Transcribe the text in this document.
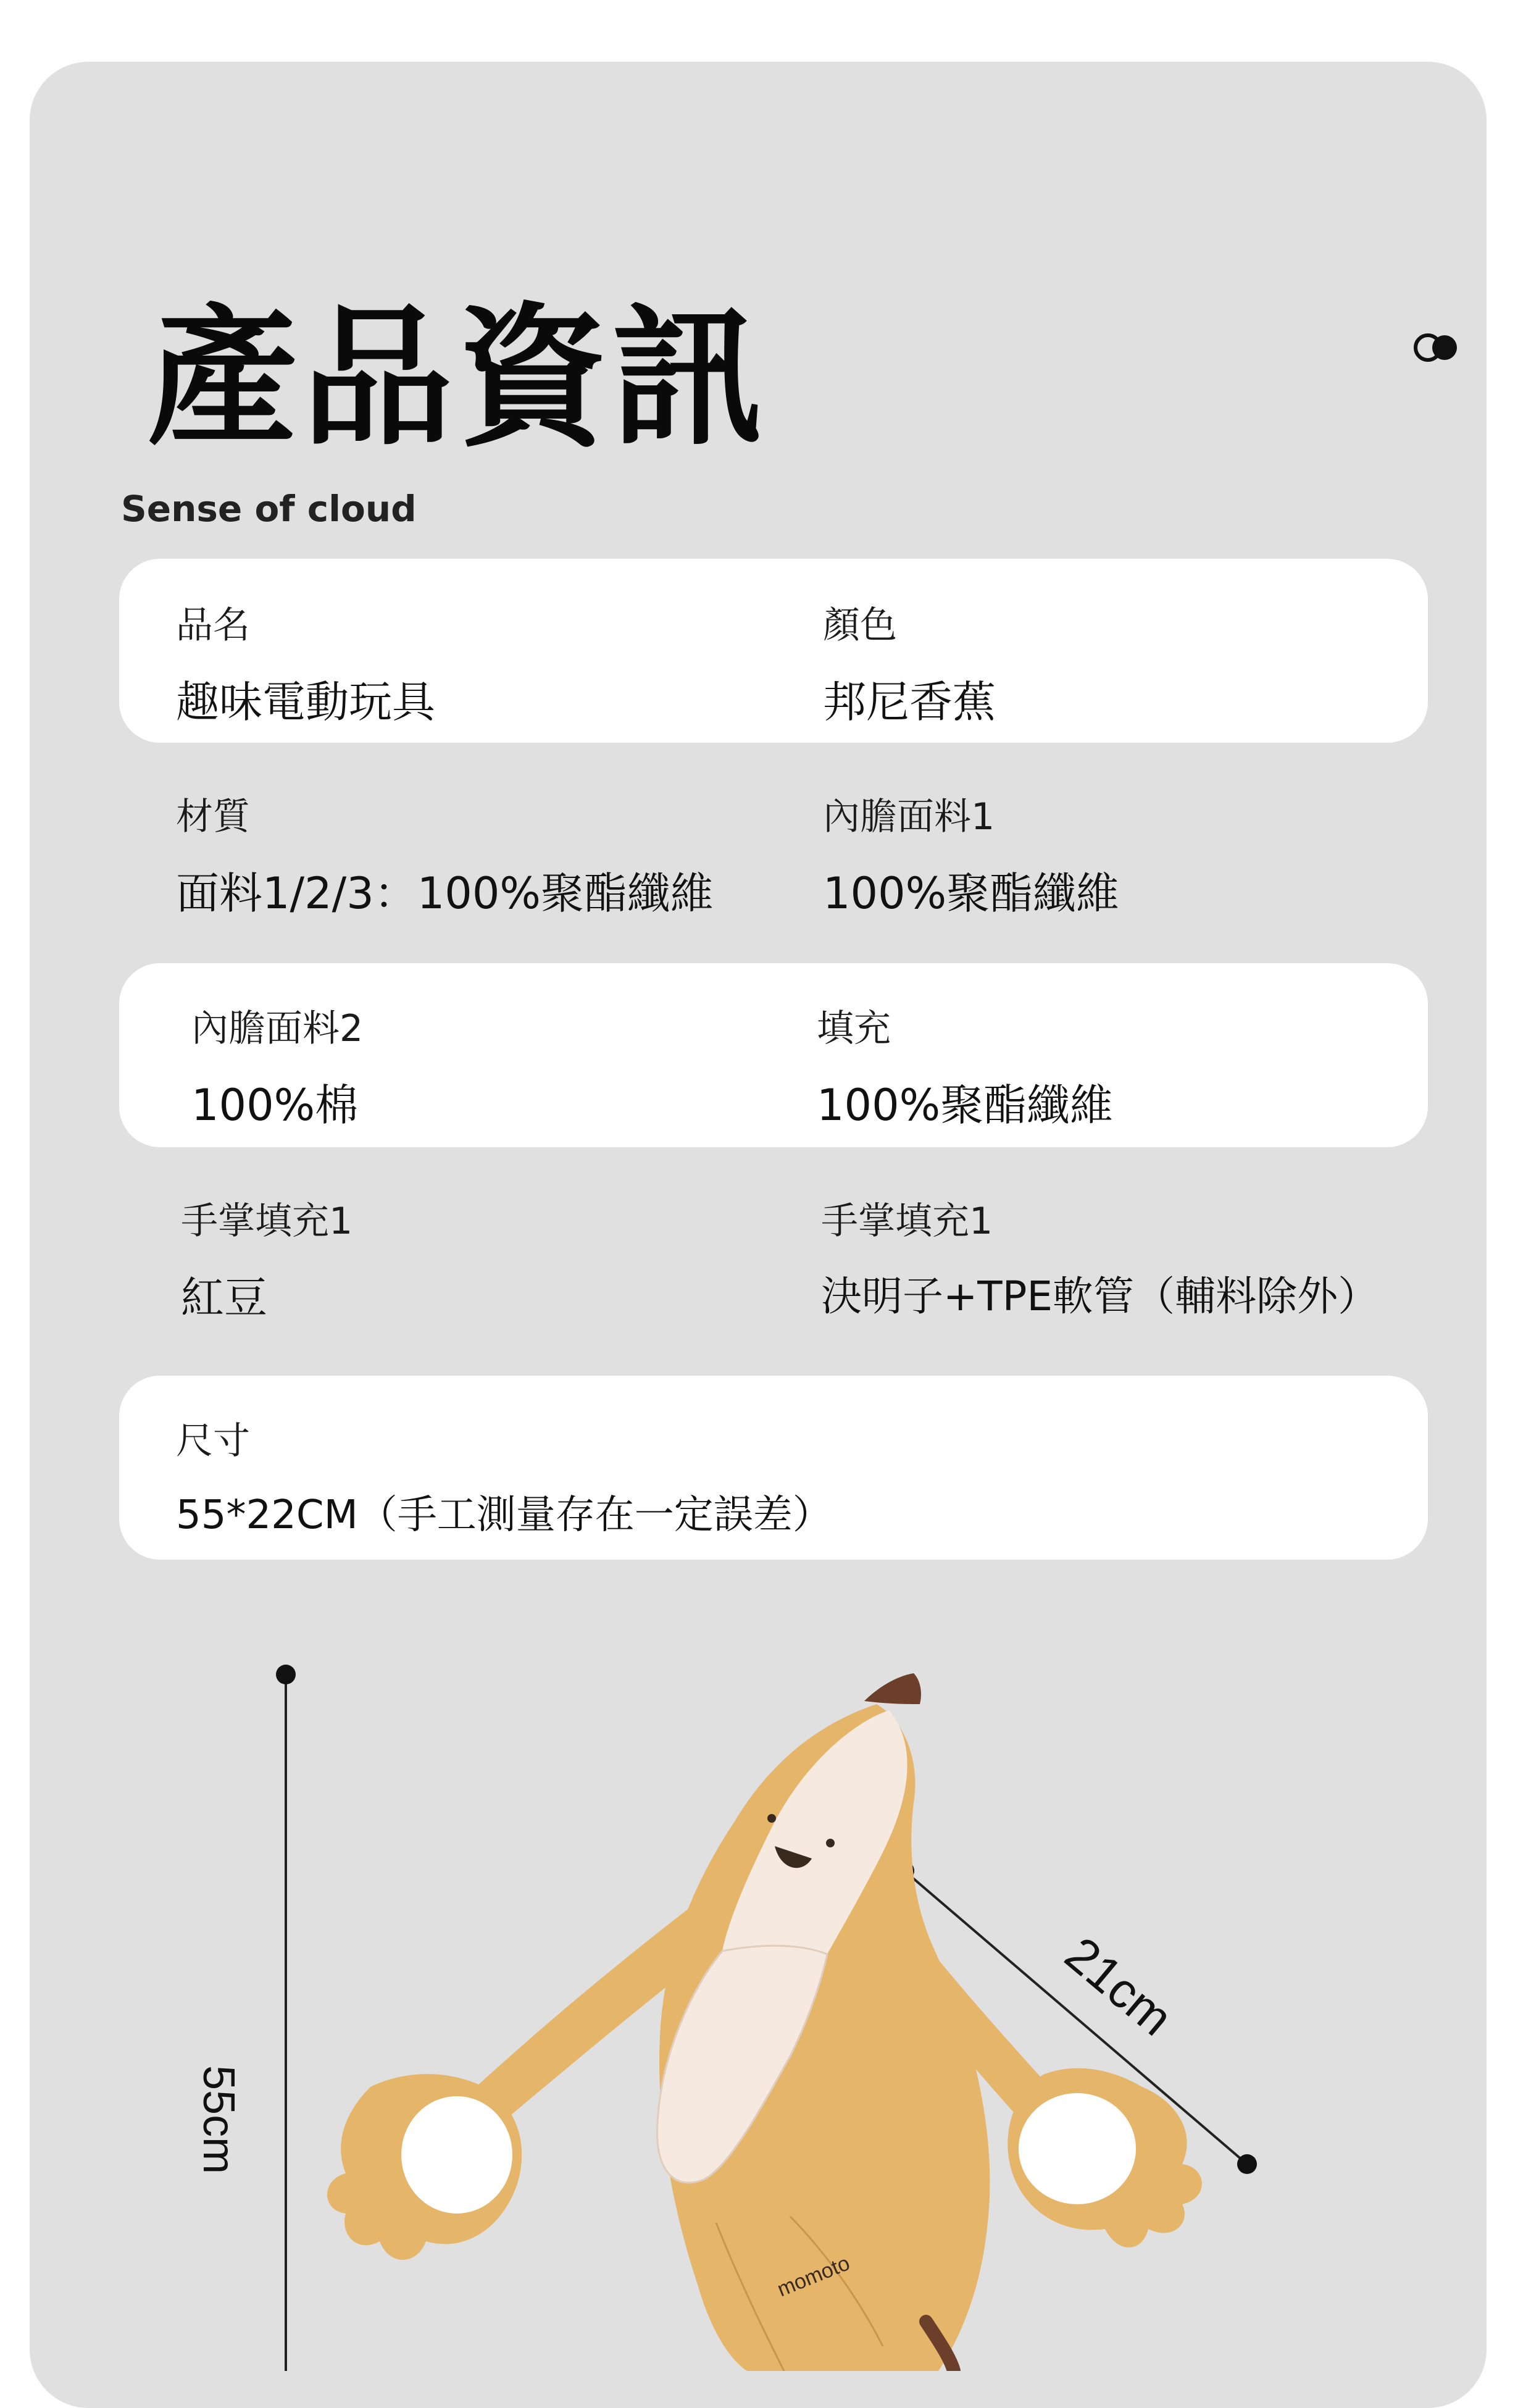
產品資訊
Sense of cloud
品名
趣味電動玩具
顏色
邦尼香蕉
材質
面料1/2/3：100%聚酯纖維
內膽面料1
100%聚酯纖維
內膽面料2
100%棉
填充
100%聚酯纖維
手掌填充1
紅豆
手掌填充1
決明子+TPE軟管（輔料除外）
尺寸
55*22CM（手工測量存在一定誤差）
55cm
21cm
momoto
